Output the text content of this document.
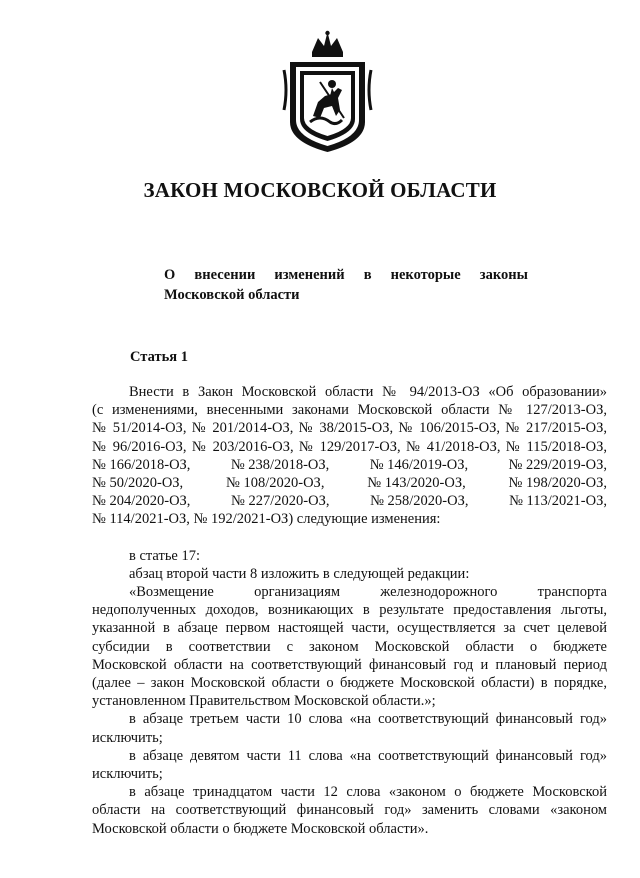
ЗАКОН МОСКОВСКОЙ ОБЛАСТИ
О внесении изменений в некоторые законы
Московской области
Статья 1

Внести в Закон Московской области № 94/2013-ОЗ «Об образовании»

(с изменениями, внесенными законами Московской области № 127/2013-ОЗ,

№ 51/2014-ОЗ, № 201/2014-ОЗ, № 38/2015-ОЗ, № 106/2015-ОЗ, № 217/2015-ОЗ,

№ 96/2016-ОЗ, № 203/2016-ОЗ, № 129/2017-ОЗ, № 41/2018-ОЗ, № 115/2018-ОЗ,

№ 166/2018-ОЗ,	№ 238/2018-ОЗ,	№ 146/2019-ОЗ,	№ 229/2019-ОЗ,
№ 50/2020-ОЗ,	№ 108/2020-ОЗ,	№ 143/2020-ОЗ,	№ 198/2020-ОЗ,
№ 204/2020-ОЗ,	№ 227/2020-ОЗ,	№ 258/2020-ОЗ,	№ 113/2021-ОЗ,

№ 114/2021-ОЗ, № 192/2021-ОЗ) следующие изменения:

в статье 17:

абзац второй части 8 изложить в следующей редакции:

«Возмещение	организациям	железнодорожного	транспорта

недополученных доходов, возникающих в результате предоставления льготы,

указанной в абзаце первом настоящей части, осуществляется за счет целевой

субсидии в соответствии с законом Московской области о бюджете

Московской области на соответствующий финансовый год и плановый период

(далее – закон Московской области о бюджете Московской области) в порядке,

установленном Правительством Московской области.»;

в абзаце третьем части 10 слова «на соответствующий финансовый год»

исключить;

в абзаце девятом части 11 слова «на соответствующий финансовый год»

исключить;

в абзаце тринадцатом части 12 слова «законом о бюджете Московской

области на соответствующий финансовый год» заменить словами «законом

Московской области о бюджете Московской области».
